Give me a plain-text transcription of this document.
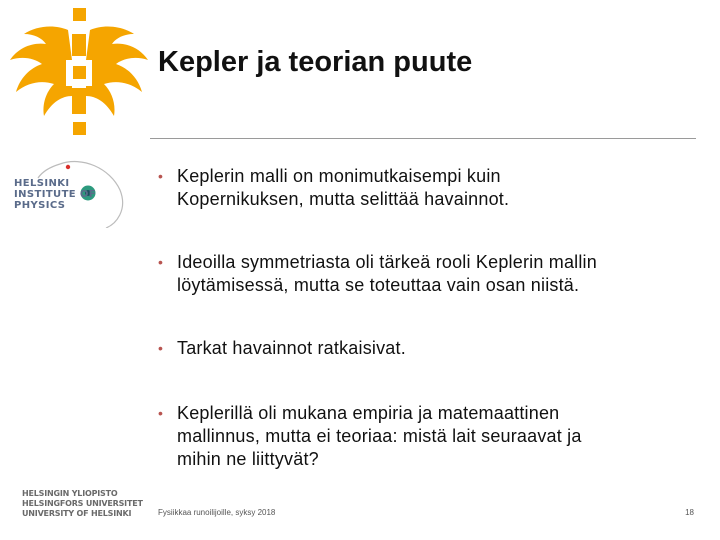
HELSINKI
INSTITUTE OF
PHYSICS
Kepler ja teorian puute
• Keplerin malli on monimutkaisempi kuin
Kopernikuksen, mutta selittää havainnot.
• Ideoilla symmetriasta oli tärkeä rooli Keplerin mallin
löytämisessä, mutta se toteuttaa vain osan niistä.
• Tarkat havainnot ratkaisivat.
• Keplerillä oli mukana empiria ja matemaattinen
mallinnus, mutta ei teoriaa: mistä lait seuraavat ja
mihin ne liittyvät?
HELSINGIN YLIOPISTO
HELSINGFORS UNIVERSITET
UNIVERSITY OF HELSINKI	Fysiikkaa runoilijoille, syksy 2018	18
